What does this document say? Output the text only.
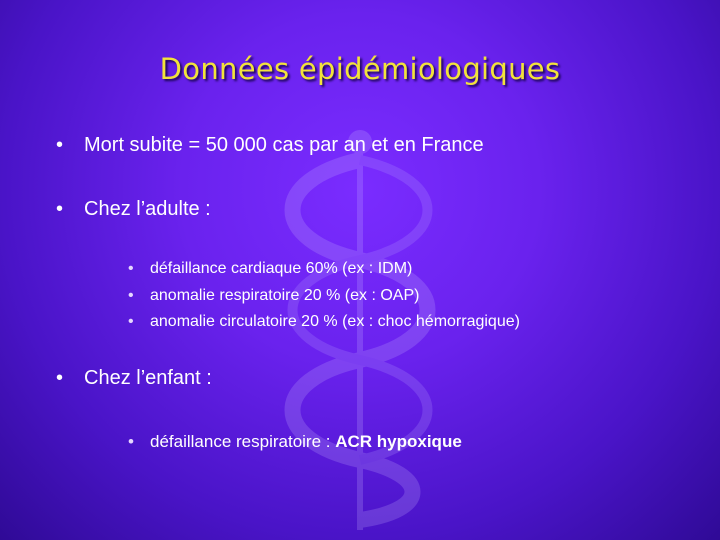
Données épidémiologiques
• Mort subite = 50 000 cas par an et en France
• Chez l’adulte :
• défaillance cardiaque 60% (ex : IDM)
• anomalie respiratoire 20 % (ex : OAP)
• anomalie circulatoire 20 % (ex : choc hémorragique)
• Chez l’enfant :
• défaillance respiratoire : ACR hypoxique
